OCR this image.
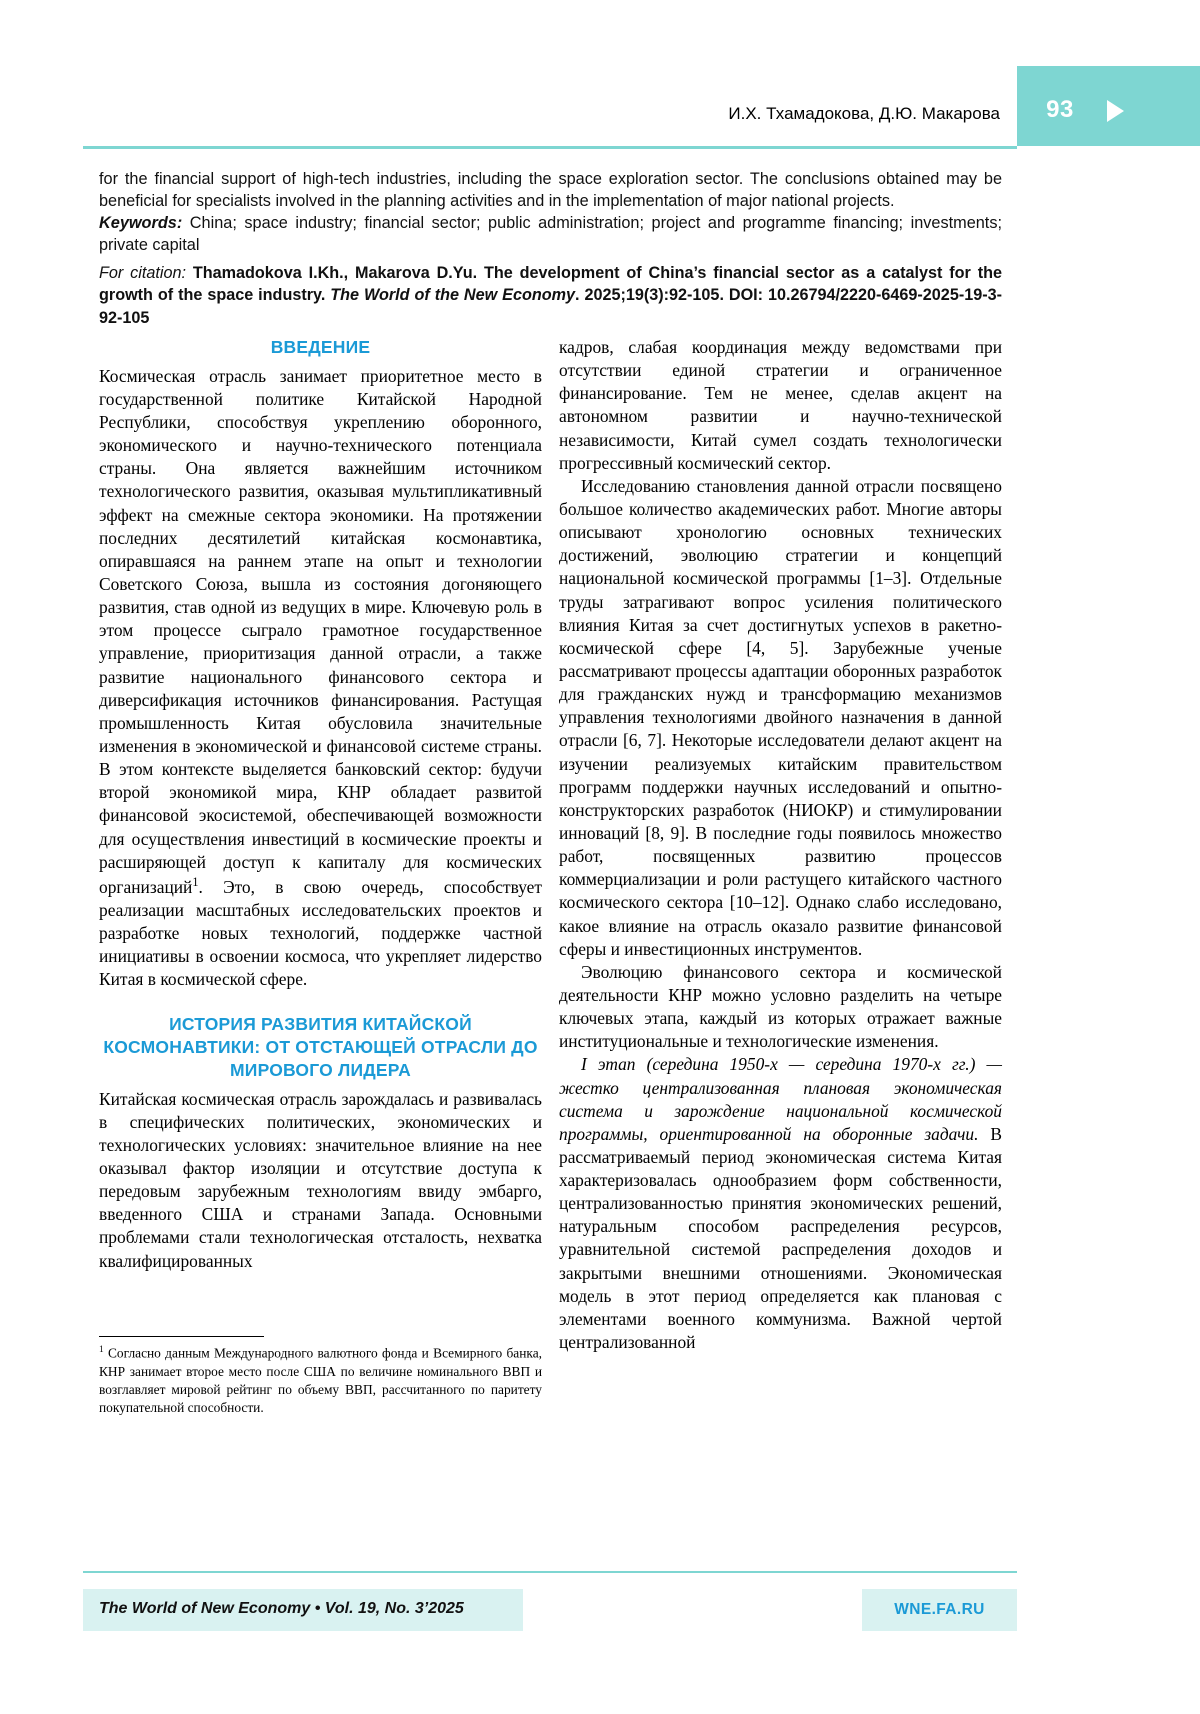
93
И.Х. Тхамадокова, Д.Ю. Макарова

for the financial support of high-tech industries, including the space exploration sector. The conclusions obtained may be beneficial for specialists involved in the planning activities and in the implementation of major national projects.

Keywords: China; space industry; financial sector; public administration; project and programme financing; investments; private capital

For citation: Thamadokova I.Kh., Makarova D.Yu. The development of China’s financial sector as a catalyst for the growth of the space industry. The World of the New Economy. 2025;19(3):92-105. DOI: 10.26794/2220-6469-2025-19-3-92-105
ВВЕДЕНИЕ

Космическая отрасль занимает приоритетное место в государственной политике Китайской Народной Республики, способствуя укреплению оборонного, экономического и научно-технического потенциала страны. Она является важнейшим источником технологического развития, оказывая мультипликативный эффект на смежные сектора экономики. На протяжении последних десятилетий китайская космонавтика, опиравшаяся на раннем этапе на опыт и технологии Советского Союза, вышла из состояния догоняющего развития, став одной из ведущих в мире. Ключевую роль в этом процессе сыграло грамотное государственное управление, приоритизация данной отрасли, а также развитие национального финансового сектора и диверсификация источников финансирования. Растущая промышленность Китая обусловила значительные изменения в экономической и финансовой системе страны. В этом контексте выделяется банковский сектор: будучи второй экономикой мира, КНР обладает развитой финансовой экосистемой, обеспечивающей возможности для осуществления инвестиций в космические проекты и расширяющей доступ к капиталу для космических организаций$^1$. Это, в свою очередь, способствует реализации масштабных исследовательских проектов и разработке новых технологий, поддержке частной инициативы в освоении космоса, что укрепляет лидерство Китая в космической сфере.

ИСТОРИЯ РАЗВИТИЯ КИТАЙСКОЙ КОСМОНАВТИКИ: ОТ ОТСТАЮЩЕЙ ОТРАСЛИ ДО МИРОВОГО ЛИДЕРА

Китайская космическая отрасль зарождалась и развивалась в специфических политических, экономических и технологических условиях: значительное влияние на нее оказывал фактор изоляции и отсутствие доступа к передовым зарубежным технологиям ввиду эмбарго, введенного США и странами Запада. Основными проблемами стали технологическая отсталость, нехватка квалифицированных

кадров, слабая координация между ведомствами при отсутствии единой стратегии и ограниченное финансирование. Тем не менее, сделав акцент на автономном развитии и научно-технической независимости, Китай сумел создать технологически прогрессивный космический сектор.

Исследованию становления данной отрасли посвящено большое количество академических работ. Многие авторы описывают хронологию основных технических достижений, эволюцию стратегии и концепций национальной космической программы [1–3]. Отдельные труды затрагивают вопрос усиления политического влияния Китая за счет достигнутых успехов в ракетно-космической сфере [4, 5]. Зарубежные ученые рассматривают процессы адаптации оборонных разработок для гражданских нужд и трансформацию механизмов управления технологиями двойного назначения в данной отрасли [6, 7]. Некоторые исследователи делают акцент на изучении реализуемых китайским правительством программ поддержки научных исследований и опытно-конструкторских разработок (НИОКР) и стимулировании инноваций [8, 9]. В последние годы появилось множество работ, посвященных развитию процессов коммерциализации и роли растущего китайского частного космического сектора [10–12]. Однако слабо исследовано, какое влияние на отрасль оказало развитие финансовой сферы и инвестиционных инструментов.

Эволюцию финансового сектора и космической деятельности КНР можно условно разделить на четыре ключевых этапа, каждый из которых отражает важные институциональные и технологические изменения.

I этап (середина 1950-х — середина 1970-х гг.) — жестко централизованная плановая экономическая система и зарождение национальной космической программы, ориентированной на оборонные задачи. В рассматриваемый период экономическая система Китая характеризовалась однообразием форм собственности, централизованностью принятия экономических решений, натуральным способом распределения ресурсов, уравнительной системой распределения доходов и закрытыми внешними отношениями. Экономическая модель в этот период определяется как плановая с элементами военного коммунизма. Важной чертой централизованной

$^1$ Согласно данным Международного валютного фонда и Всемирного банка, КНР занимает второе место после США по величине номинального ВВП и возглавляет мировой рейтинг по объему ВВП, рассчитанного по паритету покупательной способности.
The World of New Economy • Vol. 19, No. 3’2025	WNE.FA.RU
